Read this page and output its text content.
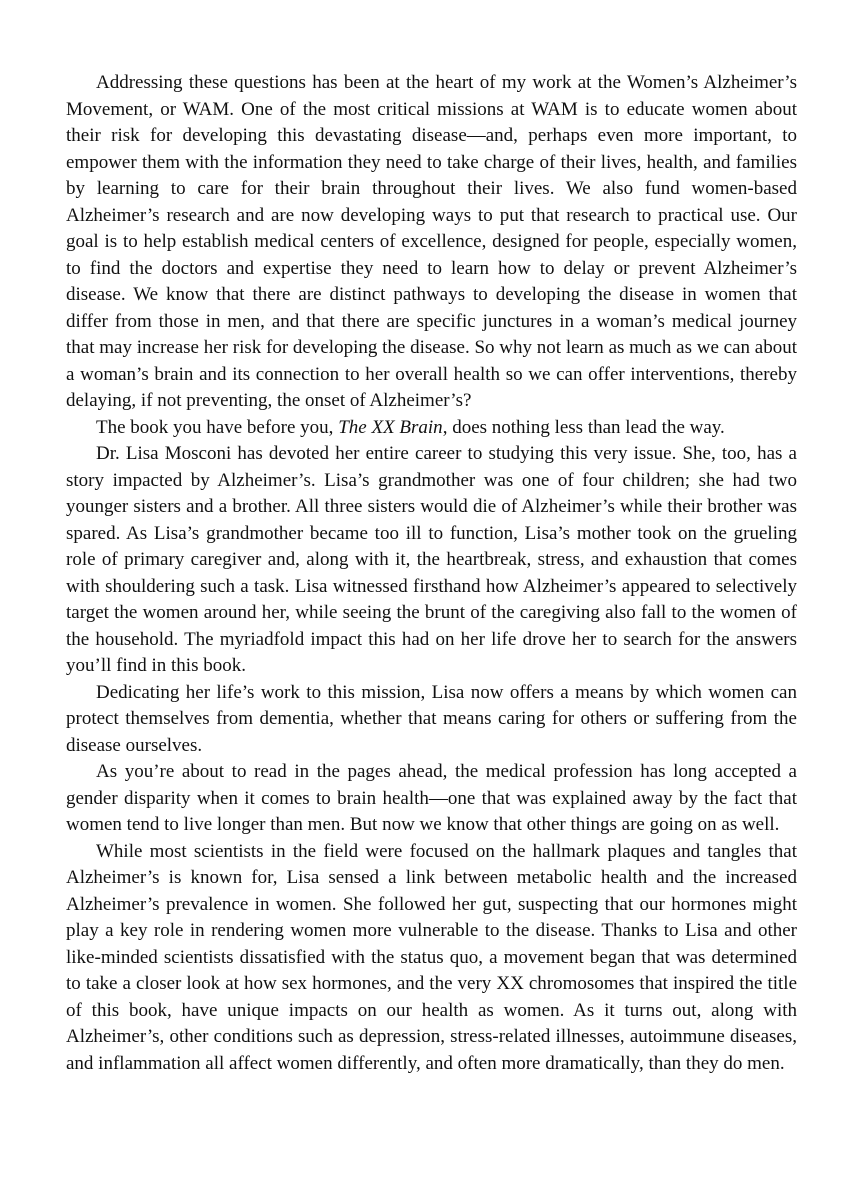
Addressing these questions has been at the heart of my work at the Women’s Alzheimer’s Movement, or WAM. One of the most critical missions at WAM is to educate women about their risk for developing this devastating disease—and, perhaps even more important, to empower them with the information they need to take charge of their lives, health, and families by learning to care for their brain throughout their lives. We also fund women-based Alzheimer’s research and are now developing ways to put that research to practical use. Our goal is to help establish medical centers of excellence, designed for people, especially women, to find the doctors and expertise they need to learn how to delay or prevent Alzheimer’s disease. We know that there are distinct pathways to developing the disease in women that differ from those in men, and that there are specific junctures in a woman’s medical journey that may increase her risk for developing the disease. So why not learn as much as we can about a woman’s brain and its connection to her overall health so we can offer interventions, thereby delaying, if not preventing, the onset of Alzheimer’s?

The book you have before you, The XX Brain, does nothing less than lead the way.

Dr. Lisa Mosconi has devoted her entire career to studying this very issue. She, too, has a story impacted by Alzheimer’s. Lisa’s grandmother was one of four children; she had two younger sisters and a brother. All three sisters would die of Alzheimer’s while their brother was spared. As Lisa’s grandmother became too ill to function, Lisa’s mother took on the grueling role of primary caregiver and, along with it, the heartbreak, stress, and exhaustion that comes with shouldering such a task. Lisa witnessed firsthand how Alzheimer’s appeared to selectively target the women around her, while seeing the brunt of the caregiving also fall to the women of the household. The myriadfold impact this had on her life drove her to search for the answers you’ll find in this book.

Dedicating her life’s work to this mission, Lisa now offers a means by which women can protect themselves from dementia, whether that means caring for others or suffering from the disease ourselves.

As you’re about to read in the pages ahead, the medical profession has long accepted a gender disparity when it comes to brain health—one that was explained away by the fact that women tend to live longer than men. But now we know that other things are going on as well.

While most scientists in the field were focused on the hallmark plaques and tangles that Alzheimer’s is known for, Lisa sensed a link between metabolic health and the increased Alzheimer’s prevalence in women. She followed her gut, suspecting that our hormones might play a key role in rendering women more vulnerable to the disease. Thanks to Lisa and other like-minded scientists dissatisfied with the status quo, a movement began that was determined to take a closer look at how sex hormones, and the very XX chromosomes that inspired the title of this book, have unique impacts on our health as women. As it turns out, along with Alzheimer’s, other conditions such as depression, stress-related illnesses, autoimmune diseases, and inflammation all affect women differently, and often more dramatically, than they do men.
